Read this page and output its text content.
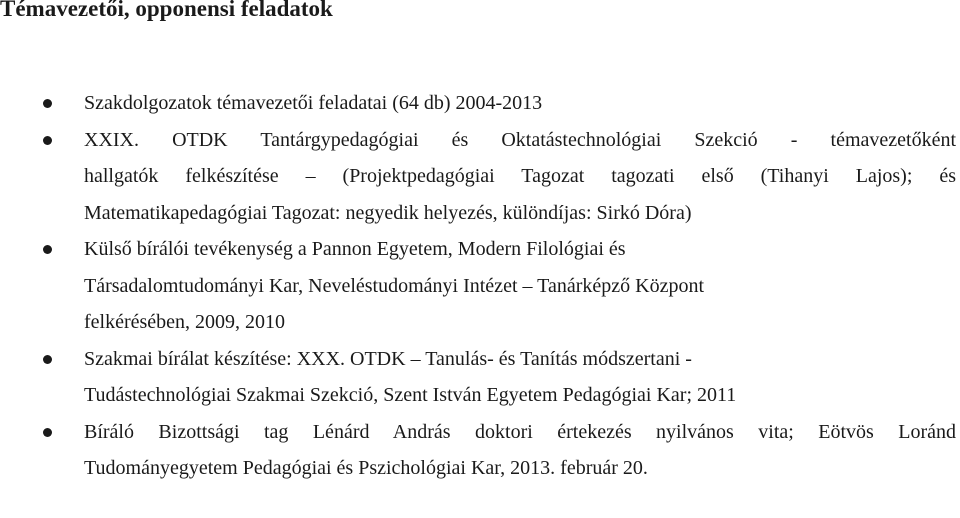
Témavezetői, opponensi feladatok
Szakdolgozatok témavezetői feladatai (64 db) 2004-2013
XXIX. OTDK Tantárgypedagógiai és Oktatástechnológiai Szekció - témavezetőként
hallgatók felkészítése – (Projektpedagógiai Tagozat tagozati első (Tihanyi Lajos); és
Matematikapedagógiai Tagozat: negyedik helyezés, különdíjas: Sirkó Dóra)
Külső bírálói tevékenység a Pannon Egyetem, Modern Filológiai és
Társadalomtudományi Kar, Neveléstudományi Intézet – Tanárképző Központ
felkérésében, 2009, 2010
Szakmai bírálat készítése: XXX. OTDK – Tanulás- és Tanítás módszertani -
Tudástechnológiai Szakmai Szekció, Szent István Egyetem Pedagógiai Kar; 2011
Bíráló Bizottsági tag Lénárd András doktori értekezés nyilvános vita; Eötvös Loránd
Tudományegyetem Pedagógiai és Pszichológiai Kar, 2013. február 20.
